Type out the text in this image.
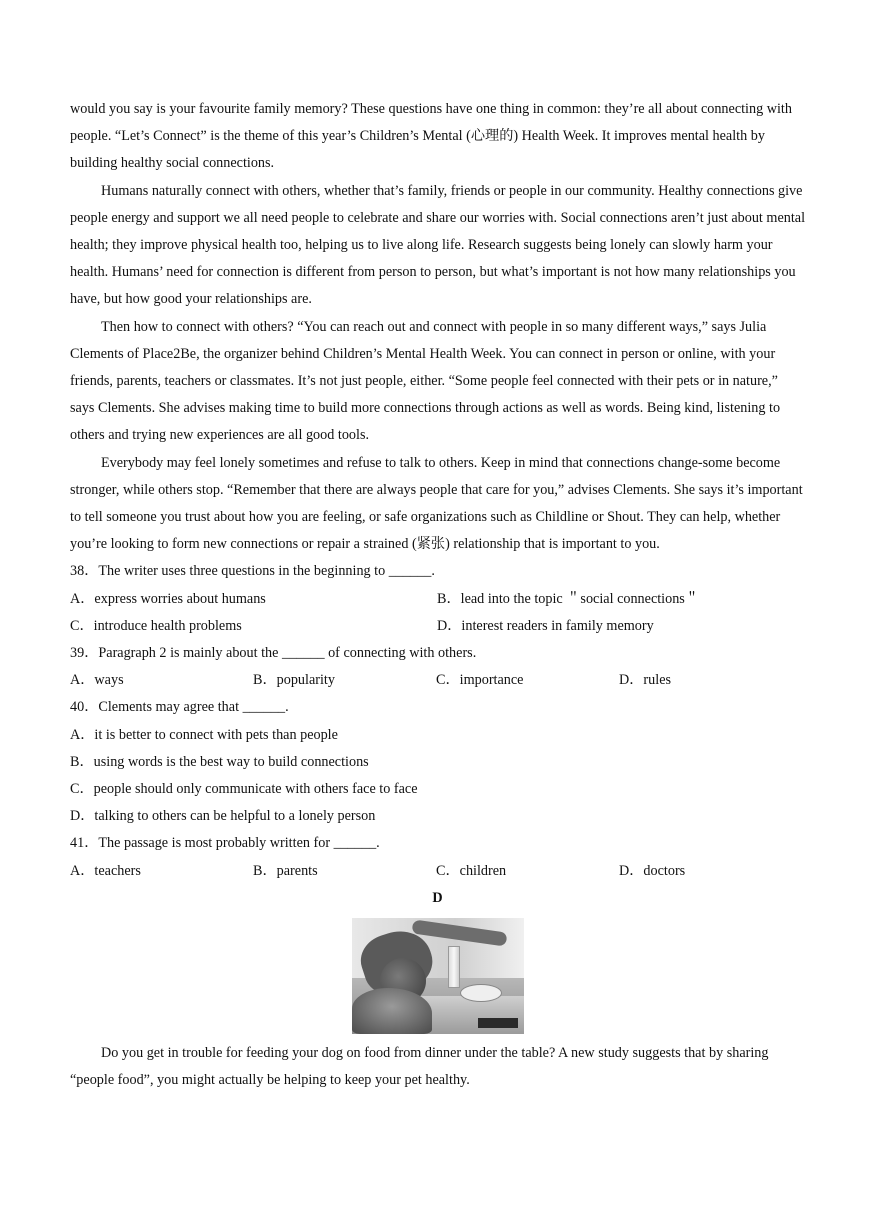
would you say is your favourite family memory? These questions have one thing in common: they’re all about connecting with people. “Let’s Connect” is the theme of this year’s Children’s Mental (心理的) Health Week. It improves mental health by building healthy social connections.

Humans naturally connect with others, whether that’s family, friends or people in our community. Healthy connections give people energy and support we all need people to celebrate and share our worries with. Social connections aren’t just about mental health; they improve physical health too, helping us to live along life. Research suggests being lonely can slowly harm your health. Humans’ need for connection is different from person to person, but what’s important is not how many relationships you have, but how good your relationships are.

Then how to connect with others? “You can reach out and connect with people in so many different ways,” says Julia Clements of Place2Be, the organizer behind Children’s Mental Health Week. You can connect in person or online, with your friends, parents, teachers or classmates. It’s not just people, either. “Some people feel connected with their pets or in nature,” says Clements. She advises making time to build more connections through actions as well as words. Being kind, listening to others and trying new experiences are all good tools.

Everybody may feel lonely sometimes and refuse to talk to others. Keep in mind that connections change-some become stronger, while others stop. “Remember that there are always people that care for you,” advises Clements. She says it’s important to tell someone you trust about how you are feeling, or safe organizations such as Childline or Shout. They can help, whether you’re looking to form new connections or repair a strained (紧张) relationship that is important to you.

38．The writer uses three questions in the beginning to ______.

A．express worries about humans	B．lead into the topic ＂social connections＂
C．introduce health problems	D．interest readers in family memory

39．Paragraph 2 is mainly about the ______ of connecting with others.

A．ways	B．popularity	C．importance	D．rules

40．Clements may agree that ______.

A．it is better to connect with pets than people

B．using words is the best way to build connections

C．people should only communicate with others face to face

D．talking to others can be helpful to a lonely person

41．The passage is most probably written for ______.

A．teachers	B．parents	C．children	D．doctors

D

Do you get in trouble for feeding your dog on food from dinner under the table? A new study suggests that by sharing “people food”, you might actually be helping to keep your pet healthy.
